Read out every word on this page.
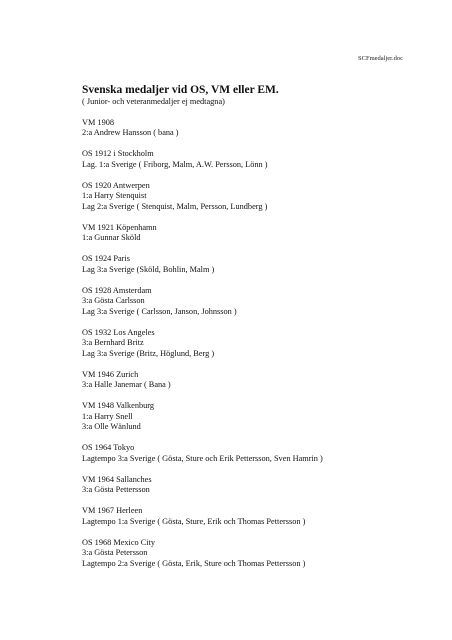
SCFmedaljer.doc
Svenska medaljer vid OS, VM eller EM.
( Junior- och veteranmedaljer ej medtagna)
VM 1908
2:a Andrew Hansson ( bana )
OS 1912 i Stockholm
Lag. 1:a Sverige ( Friborg, Malm, A.W. Persson, Lönn )
OS 1920 Antwerpen
1:a Harry Stenquist
Lag 2:a Sverige ( Stenquist, Malm, Persson, Lundberg )
VM 1921 Köpenhamn
1:a Gunnar Sköld
OS 1924 Paris
Lag 3:a Sverige (Sköld, Bohlin, Malm )
OS 1928 Amsterdam
3:a Gösta Carlsson
Lag 3:a Sverige ( Carlsson, Janson, Johnsson )
OS 1932 Los Angeles
3:a Bernhard Britz
Lag 3:a Sverige (Britz, Höglund, Berg )
VM 1946 Zurich
3:a Halle Janemar ( Bana )
VM 1948 Valkenburg
1:a Harry Snell
3:a Olle Wänlund
OS 1964 Tokyo
Lagtempo 3:a Sverige ( Gösta, Sture och Erik Pettersson, Sven Hamrin )
VM 1964 Sallanches
3:a Gösta Pettersson
VM 1967 Herleen
Lagtempo 1:a Sverige ( Gösta, Sture, Erik och Thomas Pettersson )
OS 1968 Mexico City
3:a Gösta Petersson
Lagtempo 2:a Sverige ( Gösta, Erik, Sture och Thomas Pettersson )
